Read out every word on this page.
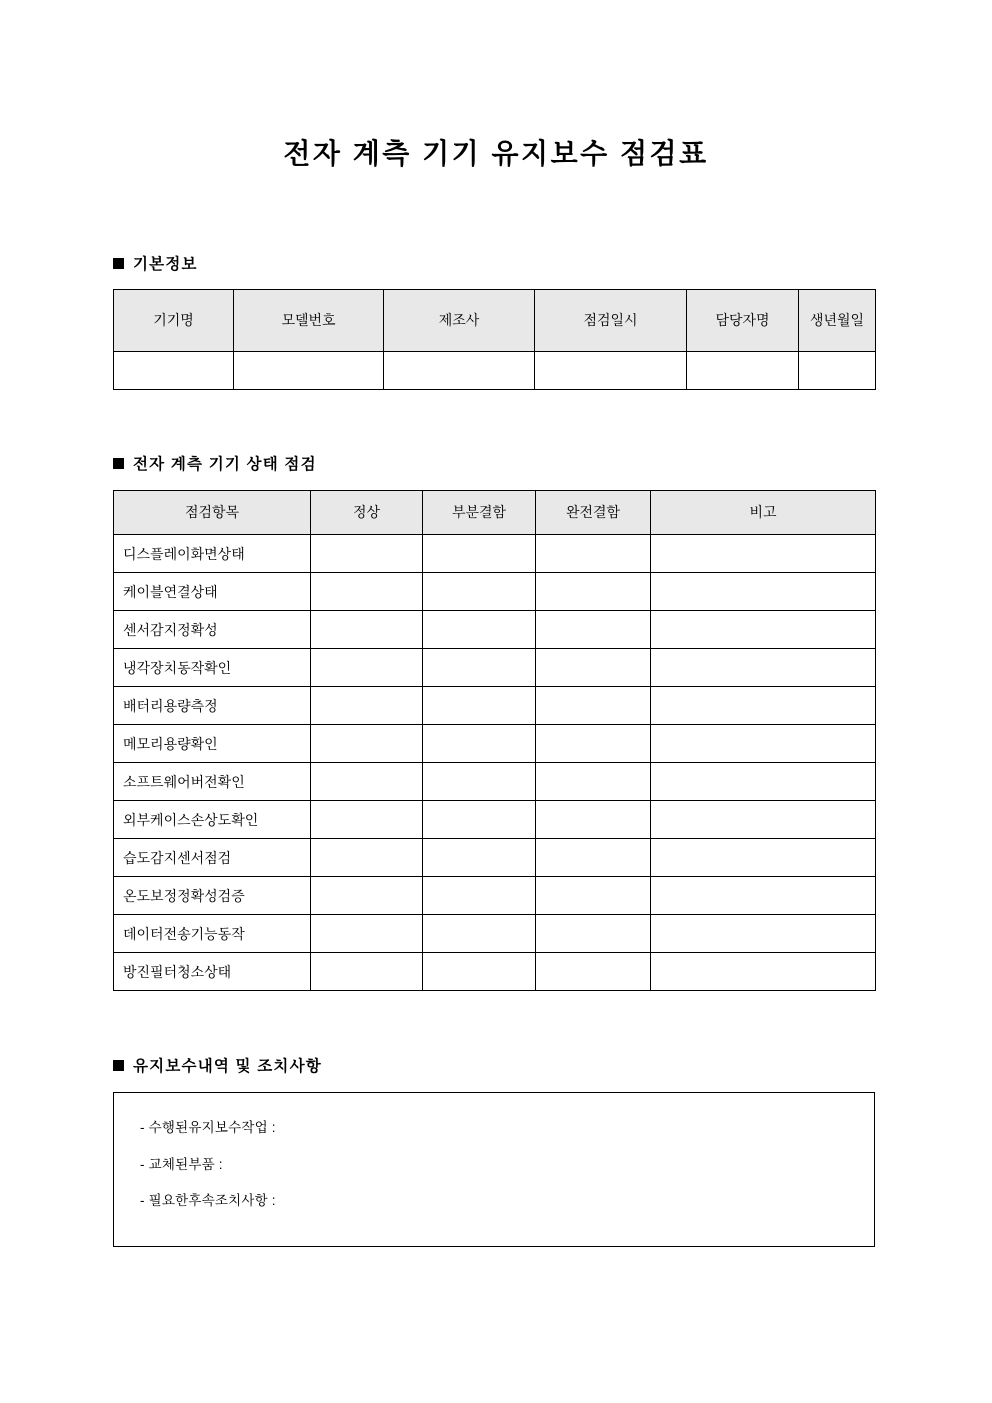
전자 계측 기기 유지보수 점검표
기본정보
기기명	모델번호	제조사	점검일시	담당자명	생년월일

전자 계측 기기 상태 점검
점검항목	정상	부분결함	완전결함	비고
디스플레이화면상태				
케이블연결상태				
센서감지정확성				
냉각장치동작확인				
배터리용량측정				
메모리용량확인				
소프트웨어버전확인				
외부케이스손상도확인				
습도감지센서점검				
온도보정정확성검증				
데이터전송기능동작				
방진필터청소상태				
유지보수내역 및 조치사항
- 수행된유지보수작업 :
- 교체된부품 :
- 필요한후속조치사항 :
